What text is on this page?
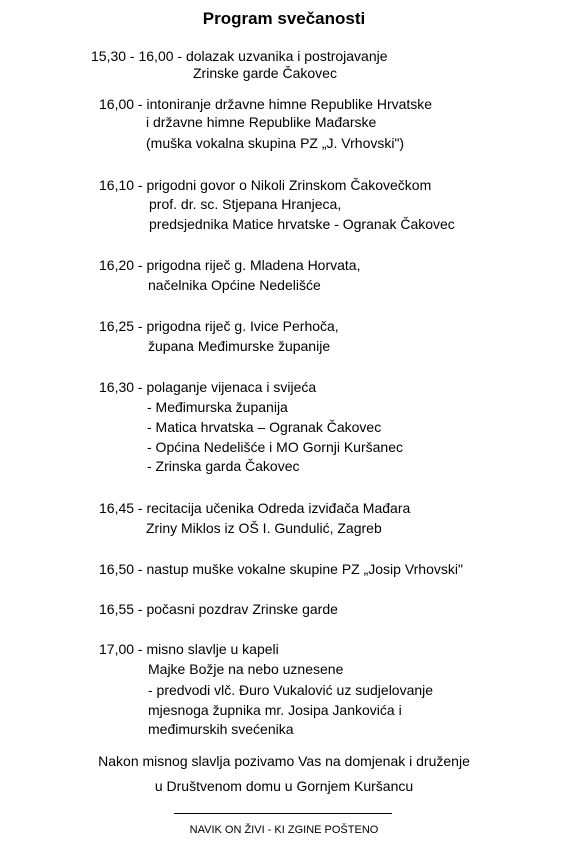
Program svečanosti
15,30 - 16,00 - dolazak uzvanika i postrojavanje
Zrinske garde Čakovec
16,00 - intoniranje državne himne Republike Hrvatske
i državne himne Republike Mađarske
(muška vokalna skupina PZ „J. Vrhovski")
16,10 - prigodni govor o Nikoli Zrinskom Čakovečkom
prof. dr. sc. Stjepana Hranjeca,
predsjednika Matice hrvatske - Ogranak Čakovec
16,20 - prigodna riječ g. Mladena Horvata,
načelnika Općine Nedelišće
16,25 - prigodna riječ g. Ivice Perhoča,
župana Međimurske županije
16,30 - polaganje vijenaca i svijeća
- Međimurska županija
- Matica hrvatska – Ogranak Čakovec
- Općina Nedelišće i MO Gornji Kuršanec
- Zrinska garda Čakovec
16,45 - recitacija učenika Odreda izviđača Mađara
Zriny Miklos iz OŠ I. Gundulić, Zagreb
16,50 - nastup muške vokalne skupine PZ „Josip Vrhovski"
16,55 - počasni pozdrav Zrinske garde
17,00 - misno slavlje u kapeli
Majke Božje na nebo uznesene
- predvodi vlč. Đuro Vukalović uz sudjelovanje
mjesnoga župnika mr. Josipa Jankovića i
međimurskih svećenika
Nakon misnog slavlja pozivamo Vas na domjenak i druženje
u Društvenom domu u Gornjem Kuršancu
NAVIK ON ŽIVI - KI ZGINE POŠTENO
